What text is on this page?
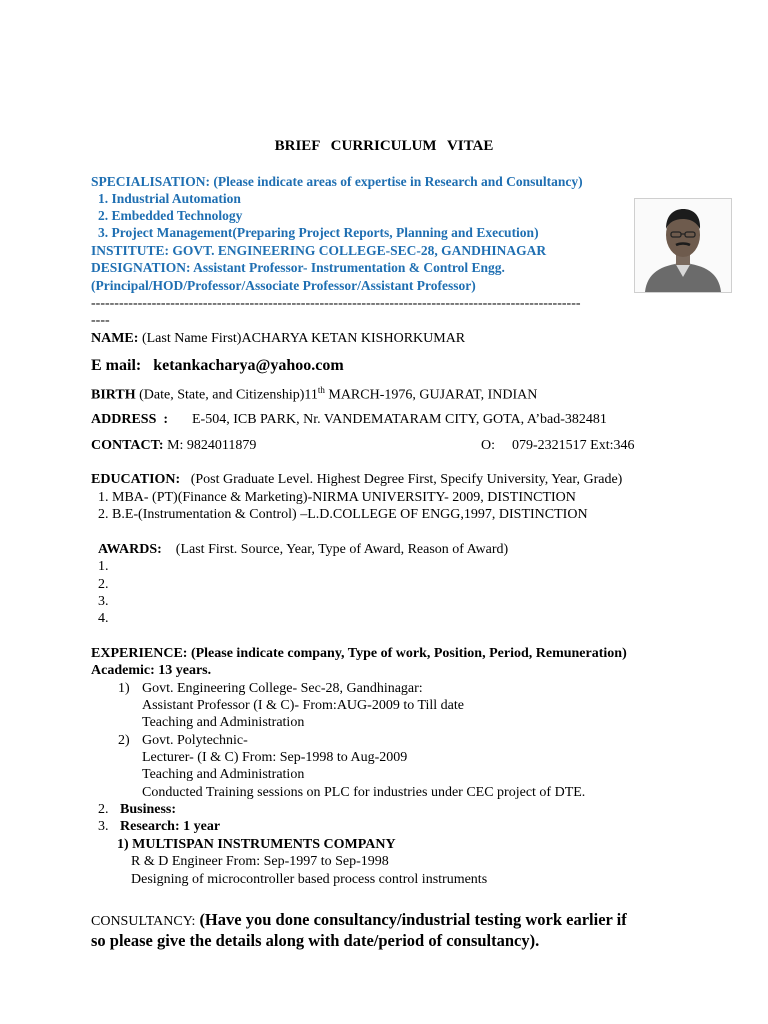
BRIEF CURRICULUM VITAE
SPECIALISATION: (Please indicate areas of expertise in Research and Consultancy)
1. Industrial Automation
2. Embedded Technology
3. Project Management(Preparing Project Reports, Planning and Execution)
INSTITUTE: GOVT. ENGINEERING COLLEGE-SEC-28, GANDHINAGAR
DESIGNATION: Assistant Professor- Instrumentation & Control Engg.
(Principal/HOD/Professor/Associate Professor/Assistant Professor)
---------------------------------------------------------------------------------------------------------
----
NAME: (Last Name First)ACHARYA KETAN KISHORKUMAR
E mail: ketankacharya@yahoo.com
BIRTH (Date, State, and Citizenship)11th MARCH-1976, GUJARAT, INDIAN
ADDRESS : E-504, ICB PARK, Nr. VANDEMATARAM CITY, GOTA, A’bad-382481
CONTACT: M: 9824011879	O: 079-2321517 Ext:346
EDUCATION: (Post Graduate Level. Highest Degree First, Specify University, Year, Grade)
1. MBA- (PT)(Finance & Marketing)-NIRMA UNIVERSITY- 2009, DISTINCTION
2. B.E-(Instrumentation & Control) –L.D.COLLEGE OF ENGG,1997, DISTINCTION
AWARDS: (Last First. Source, Year, Type of Award, Reason of Award)
1.
2.
3.
4.
EXPERIENCE: (Please indicate company, Type of work, Position, Period, Remuneration)
Academic: 13 years.
1) Govt. Engineering College- Sec-28, Gandhinagar:
Assistant Professor (I & C)- From:AUG-2009 to Till date
Teaching and Administration
2) Govt. Polytechnic-
Lecturer- (I & C) From: Sep-1998 to Aug-2009
Teaching and Administration
Conducted Training sessions on PLC for industries under CEC project of DTE.
2. Business:
3. Research: 1 year
1) MULTISPAN INSTRUMENTS COMPANY
R & D Engineer From: Sep-1997 to Sep-1998
Designing of microcontroller based process control instruments
CONSULTANCY: (Have you done consultancy/industrial testing work earlier if
so please give the details along with date/period of consultancy).
